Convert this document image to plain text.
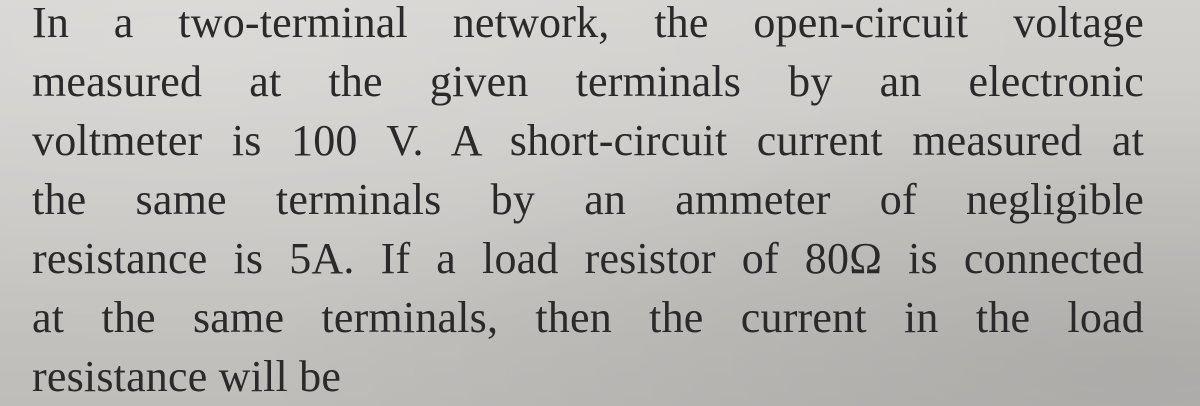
In a two-terminal network, the open-circuit voltage
measured at the given terminals by an electronic
voltmeter is 100 V. A short-circuit current measured at
the same terminals by an ammeter of negligible
resistance is 5A. If a load resistor of 80Ω is connected
at the same terminals, then the current in the load
resistance will be
